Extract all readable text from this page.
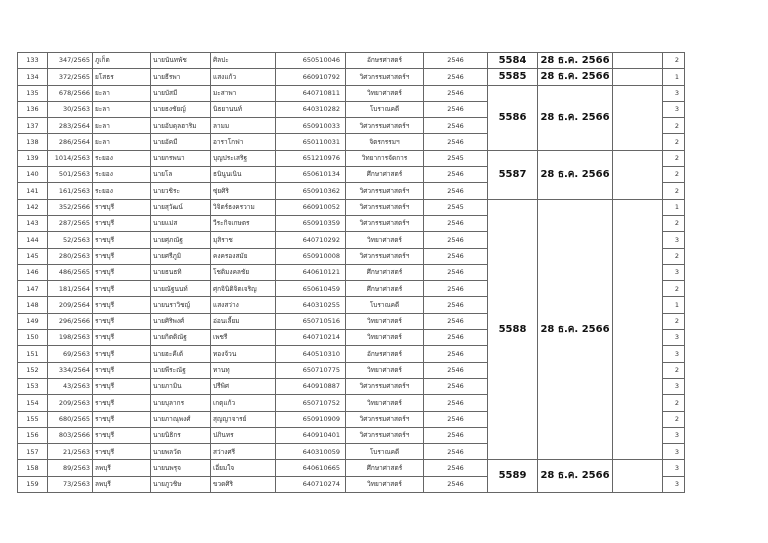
133	347/2565	ภูเก็ต	นายนันทพัช	ศิลปะ	650510046	อักษรศาสตร์	2546	5584	28 ธ.ค. 2566		2
134	372/2565	ยโสธร	นายธีรพา	แสงแก้ว	660910792	วิศวกรรมศาสตร์ฯ	2546	5585	28 ธ.ค. 2566		1
135	678/2566	ยะลา	นายบัสมี	มะสาพา	640710811	วิทยาศาสตร์	2546	5586	28 ธ.ค. 2566		3
136	30/2563	ยะลา	นายธงชัยญ์	นิธยานนท์	640310282	โบราณคดี	2546				3
137	283/2564	ยะลา	นายอับดุลฮาริม	ลามม	650910033	วิศวกรรมศาสตร์ฯ	2546				2
138	286/2564	ยะลา	นายอัคมี	อาราโกฟา	650110031	จิตรกรรมฯ	2546				2
139	1014/2563	ระยอง	นายกรพนา	บุญประเสริฐ	651210976	วิทยาการจัดการ	2545	5587	28 ธ.ค. 2566		2
140	501/2563	ระยอง	นายโล	ธนินูนเนิน	650610134	ศึกษาศาสตร์	2546				2
141	161/2563	ระยอง	นายวชิระ	ซุ่ยศิริ	650910362	วิศวกรรมศาสตร์ฯ	2546				2
142	352/2566	ราชบุรี	นายสุวัฒน์	วิจิตร์ธงครวาม	660910052	วิศวกรรมศาสตร์ฯ	2545	5588	28 ธ.ค. 2566		1
143	287/2565	ราชบุรี	นายแม่ส	วีระกิจเกษตร	650910359	วิศวกรรมศาสตร์ฯ	2546				2
144	52/2563	ราชบุรี	นายศุภณัฐ	มุสิราช	640710292	วิทยาศาสตร์	2546				3
145	280/2563	ราชบุรี	นายศรีภูมิ	คงครองสมัย	650910008	วิศวกรรมศาสตร์ฯ	2546				2
146	486/2565	ราชบุรี	นายธนธทิ	โชติมงคลชัย	640610121	ศึกษาศาสตร์	2546				3
147	181/2564	ราชบุรี	นายณัฐนนท์	ศุกจินิติจิตเจริญ	650610459	ศึกษาศาสตร์	2546				2
148	209/2564	ราชบุรี	นายนราวิชญ์	แสงสว่าง	640310255	โบราณคดี	2546				1
149	296/2566	ราชบุรี	นายศิริพงศ์	อ่อนเลี้ยม	650710516	วิทยาศาสตร์	2546				2
150	198/2563	ราชบุรี	นายกิตติณัฐ	เพชรี	640710214	วิทยาศาสตร์	2546				3
151	69/2563	ราชบุรี	นายฮะคีเต้	ทองจ้วน	640510310	อักษรศาสตร์	2546				3
152	334/2564	ราชบุรี	นายพีระณัฐ	ทานทุ	650710775	วิทยาศาสตร์	2546				2
153	43/2563	ราชบุรี	นายภามิน	ปรีพิศ	640910887	วิศวกรรมศาสตร์ฯ	2546				3
154	209/2563	ราชบุรี	นายบุลากร	เกตุแก้ว	650710752	วิทยาศาสตร์	2546				2
155	680/2565	ราชบุรี	นายภาณุพงศ์	สุญญาจารย์	650910909	วิศวกรรมศาสตร์ฯ	2546				2
156	803/2566	ราชบุรี	นายนิธิกร	ปภินทร	640910401	วิศวกรรมศาสตร์ฯ	2546				3
157	21/2563	ราชบุรี	นายพลวัต	สว่างศรี	640310059	โบราณคดี	2546				3
158	89/2563	ลพบุรี	นายนพรุจ	เอี่ยมใจ	640610665	ศึกษาศาสตร์	2546	5589	28 ธ.ค. 2566		3
159	73/2563	ลพบุรี	นายภูวชิษ	ขวดศิริ	640710274	วิทยาศาสตร์	2546				3
